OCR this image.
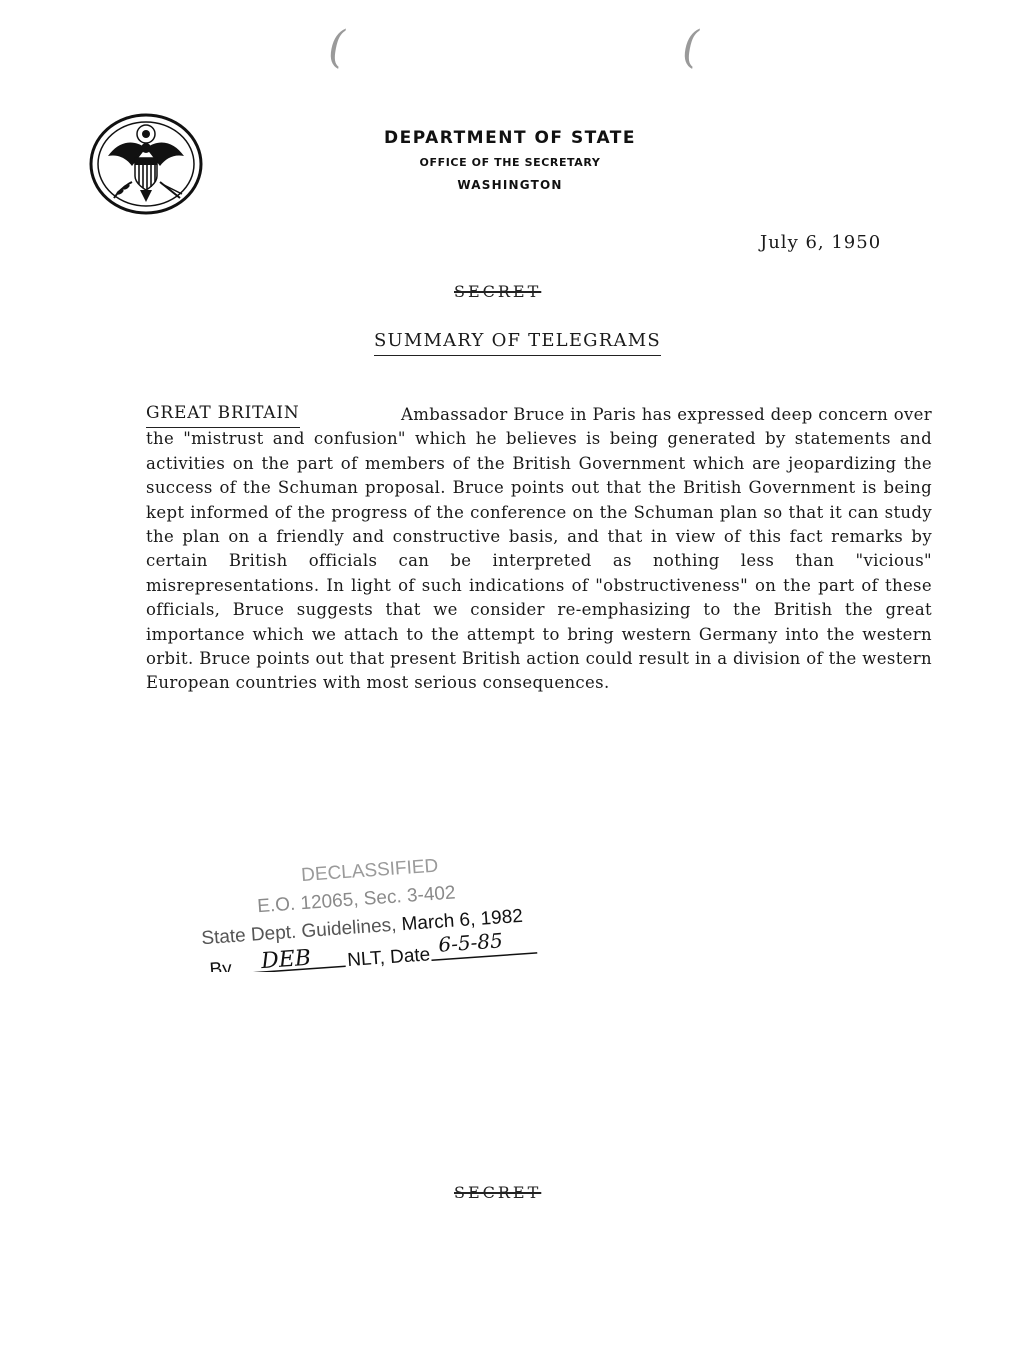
(	(
DEPARTMENT OF STATE
OFFICE OF THE SECRETARY
WASHINGTON
July 6, 1950
SECRET
SUMMARY OF TELEGRAMS
GREAT BRITAIN	Ambassador Bruce in Paris has expressed deep concern over the "mistrust and confusion" which he believes is being generated by statements and activities on the part of members of the British Government which are jeopardizing the success of the Schuman proposal. Bruce points out that the British Government is being kept informed of the progress of the conference on the Schuman plan so that it can study the plan on a friendly and constructive basis, and that in view of this fact remarks by certain British officials can be interpreted as nothing less than "vicious" misrepresentations. In light of such indications of "obstructiveness" on the part of these officials, Bruce suggests that we consider re-emphasizing to the British the great importance which we attach to the attempt to bring western Germany into the western orbit. Bruce points out that present British action could result in a division of the western European countries with most serious consequences.
DECLASSIFIED
E.O. 12065, Sec. 3-402
State Dept. Guidelines, March 6, 1982
By DEB NLT, Date
6-5-85
SECRET
